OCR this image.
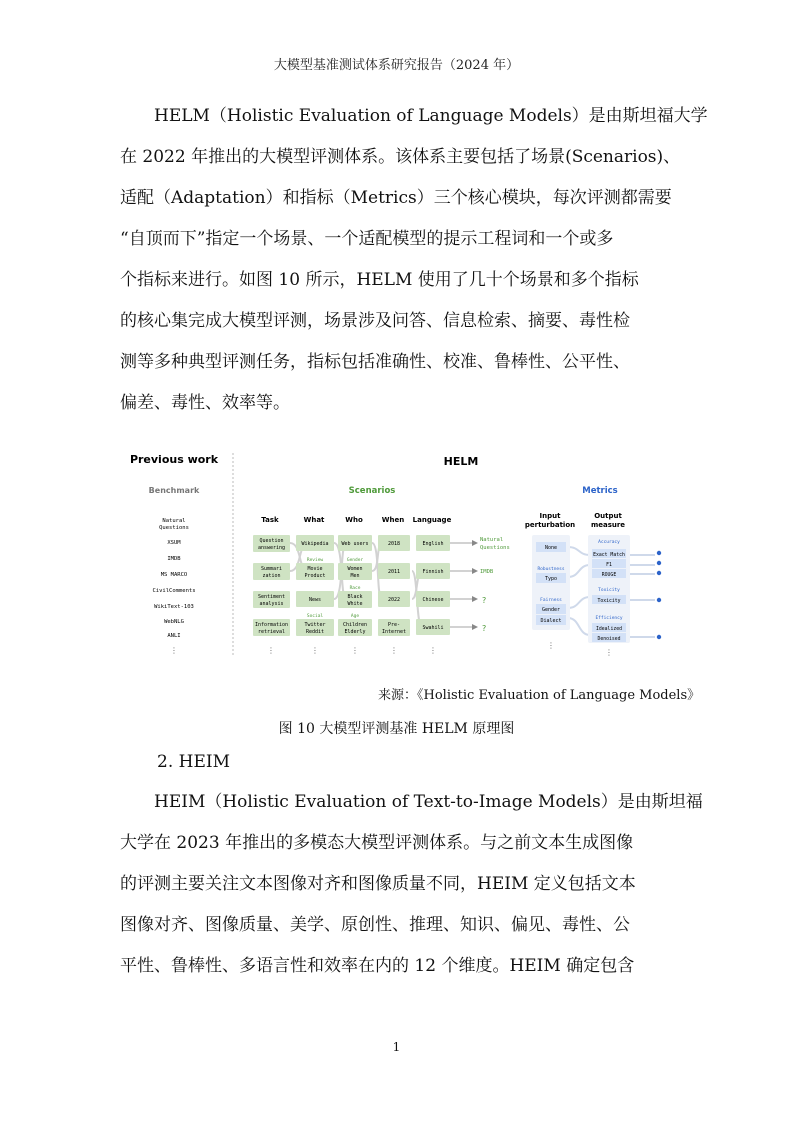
大模型基准测试体系研究报告（2024 年）
　　HELM（Holistic Evaluation of Language Models）是由斯坦福大学
在 2022 年推出的大模型评测体系。该体系主要包括了场景(Scenarios)、
适配（Adaptation）和指标（Metrics）三个核心模块，每次评测都需要
“自顶而下”指定一个场景、一个适配模型的提示工程词和一个或多
个指标来进行。如图 10 所示，HELM 使用了几十个场景和多个指标
的核心集完成大模型评测，场景涉及问答、信息检索、摘要、毒性检
测等多种典型评测任务，指标包括准确性、校准、鲁棒性、公平性、
偏差、毒性、效率等。
Previous work
Benchmark
Natural
Questions
XSUM
IMDB
MS MARCO
CivilComments
WikiText-103
WebNLG
ANLI
⋮
HELM
Scenarios	Metrics
Task	What	Who	When Language	Input
perturbation
Output
measure
Question
answering
Summari
zation
Sentiment
analysis
Information
retrieval
Wikipedia
Review
Movie
Product
News
Social
Twitter
Reddit
Web users
Gender
Women
Men
Race
Black
White
Age
Children
Elderly
2018
2011
2022
Pre-
Internet
English
Finnish
Chinese
Swahili
Natural
Questions
IMDB
?
?
None
Robustness
Typo
Fairness
Gender
Dialect
Accuracy
Exact Match
F1
ROUGE
Toxicity
Toxicity
Efficiency
Idealized
Denoised
⋮	⋮	⋮	⋮	⋮
⋮
⋮
来源：《Holistic Evaluation of Language Models》
图 10 大模型评测基准 HELM 原理图
2. HEIM
　　HEIM（Holistic Evaluation of Text-to-Image Models）是由斯坦福
大学在 2023 年推出的多模态大模型评测体系。与之前文本生成图像
的评测主要关注文本图像对齐和图像质量不同，HEIM 定义包括文本
图像对齐、图像质量、美学、原创性、推理、知识、偏见、毒性、公
平性、鲁棒性、多语言性和效率在内的 12 个维度。HEIM 确定包含
1
